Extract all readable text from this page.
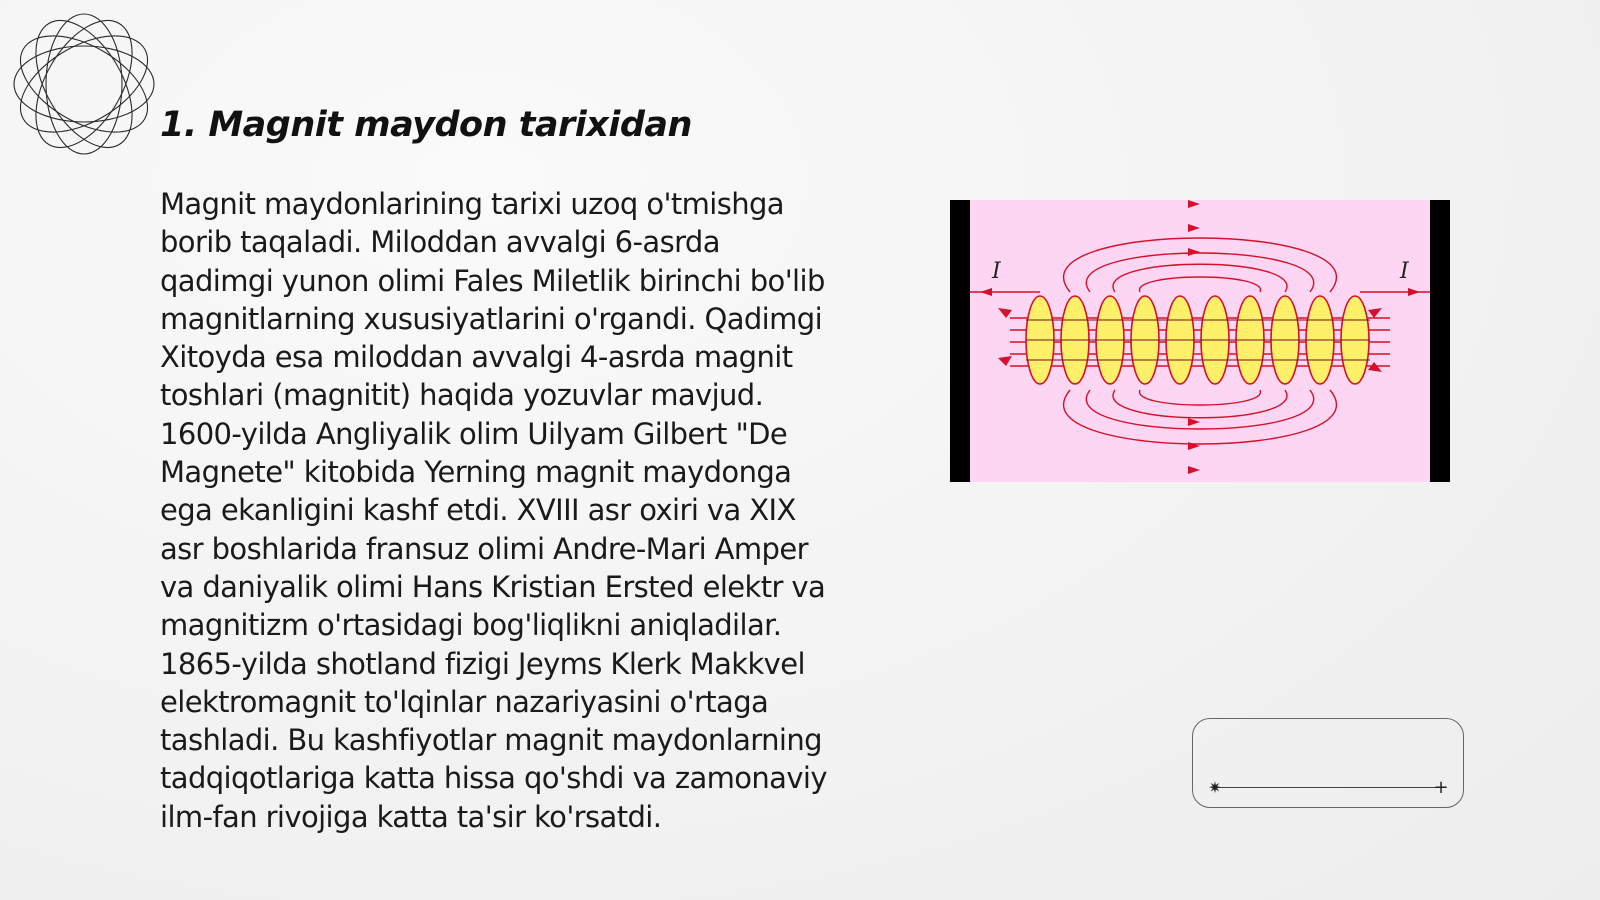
1. Magnit maydon tarixidan

Magnit maydonlarining tarixi uzoq o'tmishga borib taqaladi. Miloddan avvalgi 6-asrda qadimgi yunon olimi Fales Miletlik birinchi bo'lib magnitlarning xususiyatlarini o'rgandi. Qadimgi Xitoyda esa miloddan avvalgi 4-asrda magnit toshlari (magnitit) haqida yozuvlar mavjud. 1600-yilda Angliyalik olim Uilyam Gilbert "De Magnete" kitobida Yerning magnit maydonga ega ekanligini kashf etdi. XVIII asr oxiri va XIX asr boshlarida fransuz olimi Andre-Mari Amper va daniyalik olimi Hans Kristian Ersted elektr va magnitizm o'rtasidagi bog'liqlikni aniqladilar. 1865-yilda shotland fizigi Jeyms Klerk Makkvel elektromagnit to'lqinlar nazariyasini o'rtaga tashladi. Bu kashfiyotlar magnit maydonlarning tadqiqotlariga katta hissa qo'shdi va zamonaviy ilm-fan rivojiga katta ta'sir ko'rsatdi.

I	I
✷	+
